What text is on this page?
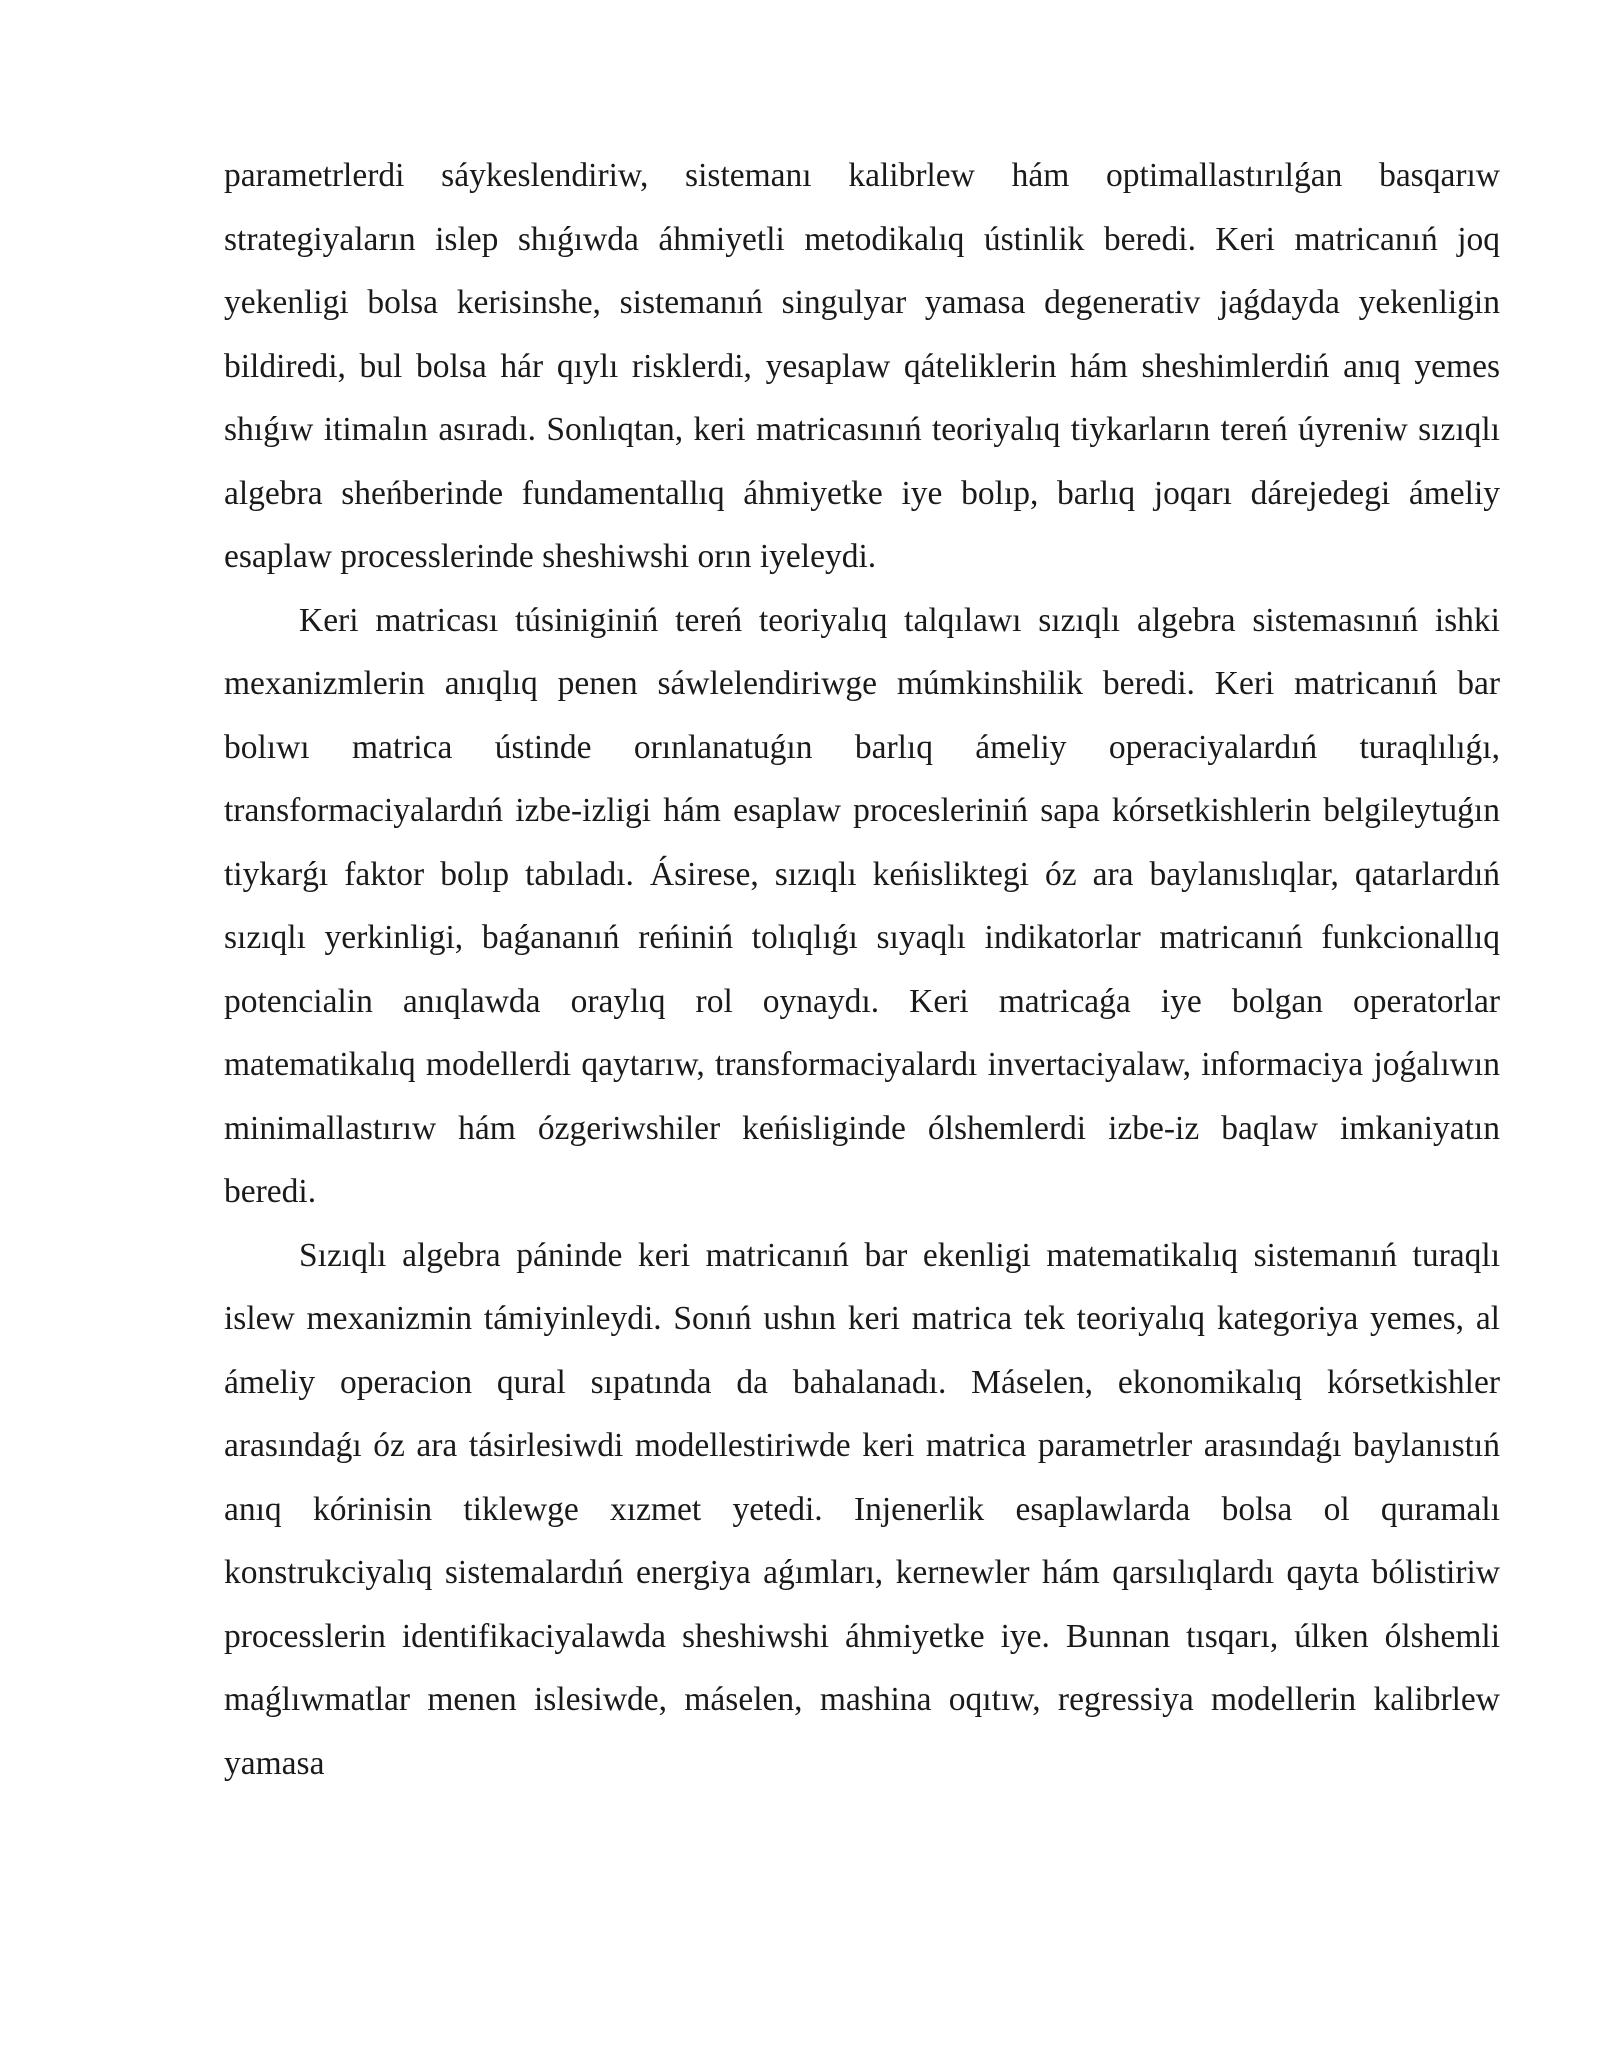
parametrlerdi sáykeslendiriw, sistemanı kalibrlew hám optimallastırılǵan basqarıw strategiyaların islep shıǵıwda áhmiyetli metodikalıq ústinlik beredi. Keri matricanıń joq yekenligi bolsa kerisinshe, sistemanıń singulyar yamasa degenerativ jaǵdayda yekenligin bildiredi, bul bolsa hár qıylı risklerdi, yesaplaw qáteliklerin hám sheshimlerdiń anıq yemes shıǵıw itimalın asıradı. Sonlıqtan, keri matricasınıń teoriyalıq tiykarların tereń úyreniw sızıqlı algebra sheńberinde fundamentallıq áhmiyetke iye bolıp, barlıq joqarı dárejedegi ámeliy esaplaw processlerinde sheshiwshi orın iyeleydi.

Keri matricası túsiniginiń tereń teoriyalıq talqılawı sızıqlı algebra sistemasınıń ishki mexanizmlerin anıqlıq penen sáwlelendiriwge múmkinshilik beredi. Keri matricanıń bar bolıwı matrica ústinde orınlanatuǵın barlıq ámeliy operaciyalardıń turaqlılıǵı, transformaciyalardıń izbe-izligi hám esaplaw procesleriniń sapa kórsetkishlerin belgileytuǵın tiykarǵı faktor bolıp tabıladı. Ásirese, sızıqlı keńisliktegi óz ara baylanıslıqlar, qatarlardıń sızıqlı yerkinligi, baǵananıń reńiniń tolıqlıǵı sıyaqlı indikatorlar matricanıń funkcionallıq potencialin anıqlawda oraylıq rol oynaydı. Keri matricaǵa iye bolgan operatorlar matematikalıq modellerdi qaytarıw, transformaciyalardı invertaciyalaw, informaciya joǵalıwın minimallastırıw hám ózgeriwshiler keńisliginde ólshemlerdi izbe-iz baqlaw imkaniyatın beredi.

Sızıqlı algebra páninde keri matricanıń bar ekenligi matematikalıq sistemanıń turaqlı islew mexanizmin támiyinleydi. Sonıń ushın keri matrica tek teoriyalıq kategoriya yemes, al ámeliy operacion qural sıpatında da bahalanadı. Máselen, ekonomikalıq kórsetkishler arasındaǵı óz ara tásirlesiwdi modellestiriwde keri matrica parametrler arasındaǵı baylanıstıń anıq kórinisin tiklewge xızmet yetedi. Injenerlik esaplawlarda bolsa ol quramalı konstrukciyalıq sistemalardıń energiya aǵımları, kernewler hám qarsılıqlardı qayta bólistiriw processlerin identifikaciyalawda sheshiwshi áhmiyetke iye. Bunnan tısqarı, úlken ólshemli maǵlıwmatlar menen islesiwde, máselen, mashina oqıtıw, regressiya modellerin kalibrlew yamasa
